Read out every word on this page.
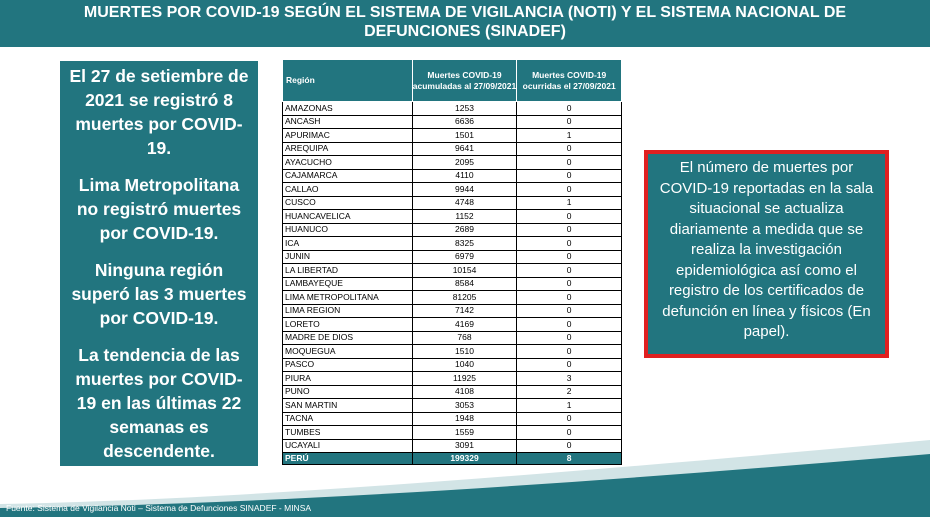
MUERTES POR COVID-19 SEGÚN EL SISTEMA DE VIGILANCIA (NOTI) Y EL SISTEMA NACIONAL DE
DEFUNCIONES (SINADEF)

El 27 de setiembre de 2021 se registró 8 muertes por COVID-19.

Lima Metropolitana no registró muertes por COVID-19.

Ninguna región superó las 3 muertes por COVID-19.

La tendencia de las muertes por COVID-19 en las últimas 22 semanas es descendente.

Región	Muertes COVID-19 acumuladas al 27/09/2021	Muertes COVID-19 ocurridas el 27/09/2021
AMAZONAS	1253	0
ANCASH	6636	0
APURIMAC	1501	1
AREQUIPA	9641	0
AYACUCHO	2095	0
CAJAMARCA	4110	0
CALLAO	9944	0
CUSCO	4748	1
HUANCAVELICA	1152	0
HUANUCO	2689	0
ICA	8325	0
JUNIN	6979	0
LA LIBERTAD	10154	0
LAMBAYEQUE	8584	0
LIMA METROPOLITANA	81205	0
LIMA REGION	7142	0
LORETO	4169	0
MADRE DE DIOS	768	0
MOQUEGUA	1510	0
PASCO	1040	0
PIURA	11925	3
PUNO	4108	2
SAN MARTIN	3053	1
TACNA	1948	0
TUMBES	1559	0
UCAYALI	3091	0
PERÚ	199329	8
El número de muertes por COVID-19 reportadas en la sala situacional se actualiza diariamente a medida que se realiza la investigación epidemiológica así como el registro de los certificados de defunción en línea y físicos (En papel).
Fuente: Sistema de Vigilancia Noti – Sistema de Defunciones SINADEF - MINSA
